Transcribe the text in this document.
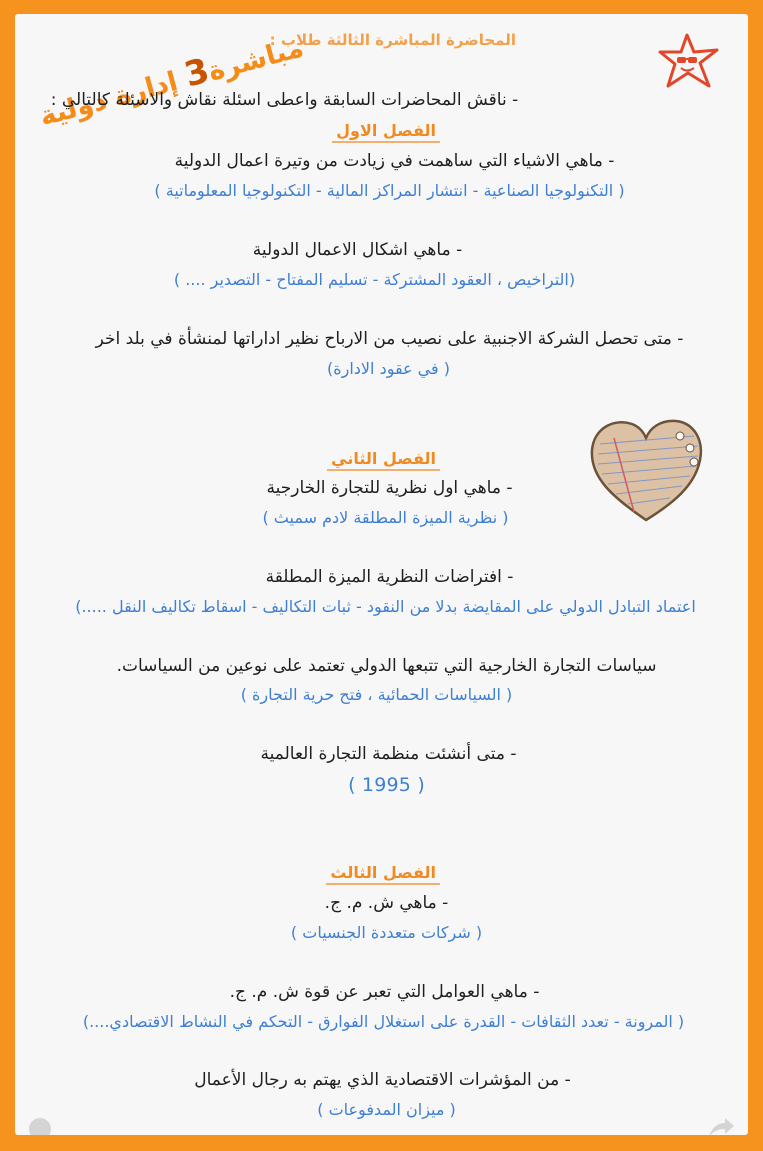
المحاضرة المباشرة الثالثة طلاب :
مباشرة3 إدارة دولية
- ناقش المحاضرات السابقة واعطى اسئلة نقاش والاسئلة كالتالي :
الفصل الاول
- ماهي الاشياء التي ساهمت في زيادت من وتيرة اعمال الدولية
( التكنولوجيا الصناعية - انتشار المراكز المالية - التكنولوجيا المعلوماتية )
- ماهي اشكال الاعمال الدولية
(التراخيص ، العقود المشتركة - تسليم المفتاح - التصدير .... )
- متى تحصل الشركة الاجنبية على نصيب من الارباح نظير اداراتها لمنشأة في بلد اخر
( في عقود الادارة)
الفصل الثاني
- ماهي اول نظرية للتجارة الخارجية
( نظرية الميزة المطلقة لادم سميث )
- افتراضات النظرية الميزة المطلقة
اعتماد التبادل الدولي على المقايضة بدلا من النقود - ثبات التكاليف - اسقاط تكاليف النقل .....)
سياسات التجارة الخارجية التي تتبعها الدولي تعتمد على نوعين من السياسات.
( السياسات الحمائية ، فتح حرية التجارة )
- متى أنشئت منظمة التجارة العالمية
( 1995 )
الفصل الثالث
- ماهي ش. م. ج.
( شركات متعددة الجنسيات )
- ماهي العوامل التي تعبر عن قوة ش. م. ج.
( المرونة - تعدد الثقافات - القدرة على استغلال الفوارق - التحكم في النشاط الاقتصادي....)
- من المؤشرات الاقتصادية الذي يهتم به رجال الأعمال
( ميزان المدفوعات )
